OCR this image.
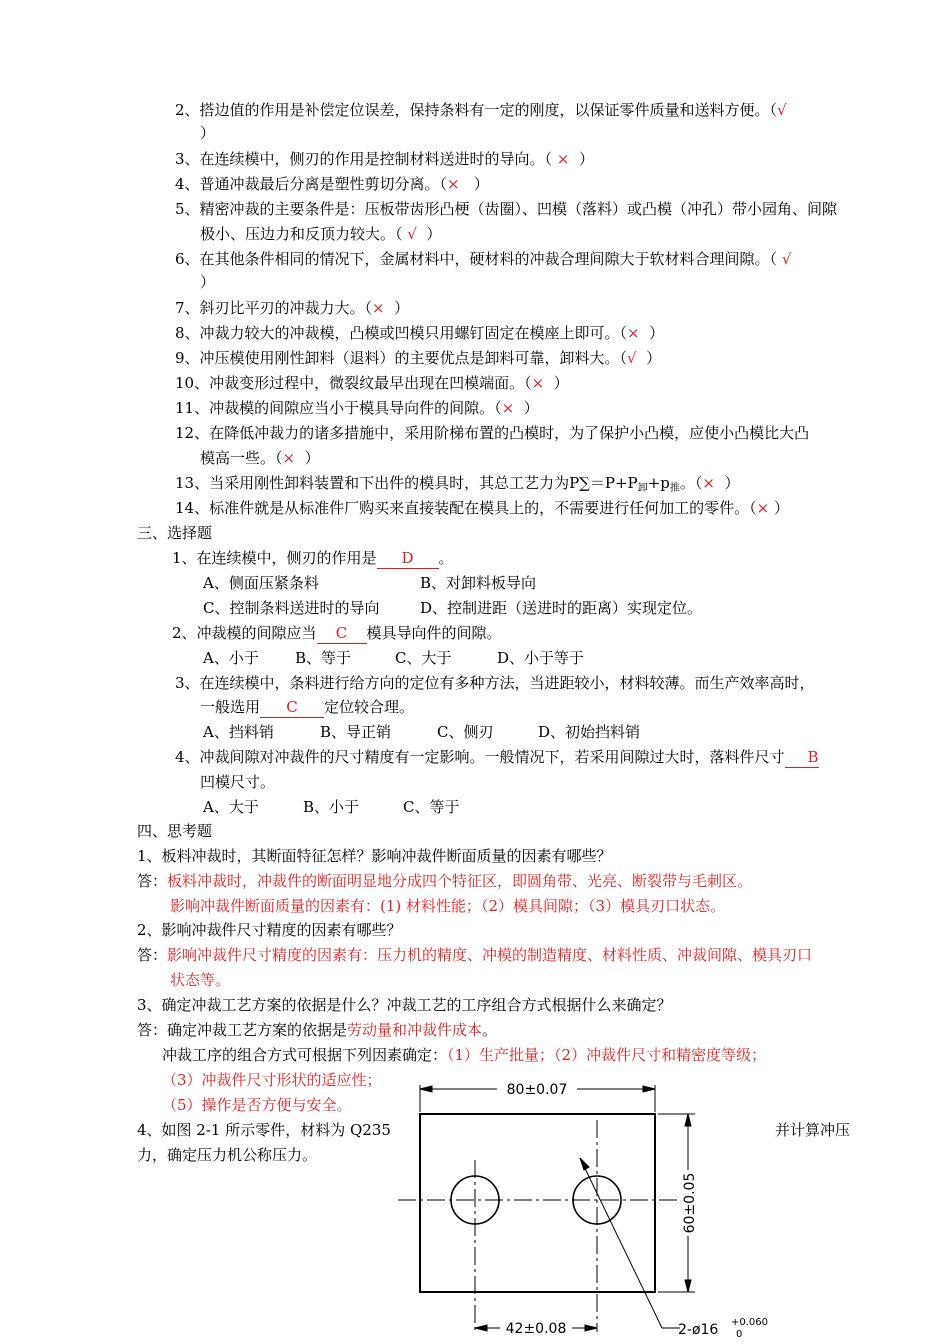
2、搭边值的作用是补偿定位误差，保持条料有一定的刚度，以保证零件质量和送料方便。（√
）
3、在连续模中，侧刃的作用是控制材料送进时的导向。（ ×  ）
4、普通冲裁最后分离是塑性剪切分离。（×   ）
5、精密冲裁的主要条件是：压板带齿形凸梗（齿圈）、凹模（落料）或凸模（冲孔）带小园角、间隙
极小、压边力和反顶力较大。（ √  ）
6、在其他条件相同的情况下，金属材料中，硬材料的冲裁合理间隙大于软材料合理间隙。（ √
）
7、斜刃比平刃的冲裁力大。（×  ）
8、冲裁力较大的冲裁模，凸模或凹模只用螺钉固定在模座上即可。（×  ）
9、冲压模使用刚性卸料（退料）的主要优点是卸料可靠，卸料大。（√  ）
10、冲裁变形过程中，微裂纹最早出现在凹模端面。（×  ）
11、冲裁模的间隙应当小于模具导向件的间隙。（×  ）
12、在降低冲裁力的诸多措施中，采用阶梯布置的凸模时，为了保护小凸模，应使小凸模比大凸
模高一些。（×  ）
13、当采用刚性卸料装置和下出件的模具时，其总工艺力为$P\sum=P+P_卸+p_推$。（×  ）
14、标准件就是从标准件厂购买来直接装配在模具上的，不需要进行任何加工的零件。（× ）
三、选择题
1、在连续模中，侧刃的作用是 D 。
A、侧面压紧条料	B、对卸料板导向
C、控制条料送进时的导向	D、控制进距（送进时的距离）实现定位。
2、冲裁模的间隙应当 C 模具导向件的间隙。
A、小于 B、等于	C、大于	D、小于等于
3、在连续模中，条料进行给方向的定位有多种方法，当进距较小，材料较薄。而生产效率高时，
一般选用 C 定位较合理。
A、挡料销	B、导正销	C、侧刃	D、初始挡料销
4、冲裁间隙对冲裁件的尺寸精度有一定影响。一般情况下，若采用间隙过大时，落料件尺寸 B
凹模尺寸。
A、大于	B、小于	C、等于
四、思考题
1、板料冲裁时，其断面特征怎样？影响冲裁件断面质量的因素有哪些？
答：板料冲裁时，冲裁件的断面明显地分成四个特征区，即圆角带、光亮、断裂带与毛刺区。
影响冲裁件断面质量的因素有：(1) 材料性能；（2）模具间隙；（3）模具刃口状态。
2、影响冲裁件尺寸精度的因素有哪些？
答：影响冲裁件尺寸精度的因素有：压力机的精度、冲模的制造精度、材料性质、冲裁间隙、模具刃口
状态等。
3、确定冲裁工艺方案的依据是什么？冲裁工艺的工序组合方式根据什么来确定？
答：确定冲裁工艺方案的依据是劳动量和冲裁件成本。
冲裁工序的组合方式可根据下列因素确定：（1）生产批量；（2）冲裁件尺寸和精密度等级；
（3）冲裁件尺寸形状的适应性；
（5）操作是否方便与安全。
4、如图 2-1 所示零件，材料为 Q235	并计算冲压
力，确定压力机公称压力。
80±0.07
60±0.05
42±0.08	2-ø16 +0.060
0
